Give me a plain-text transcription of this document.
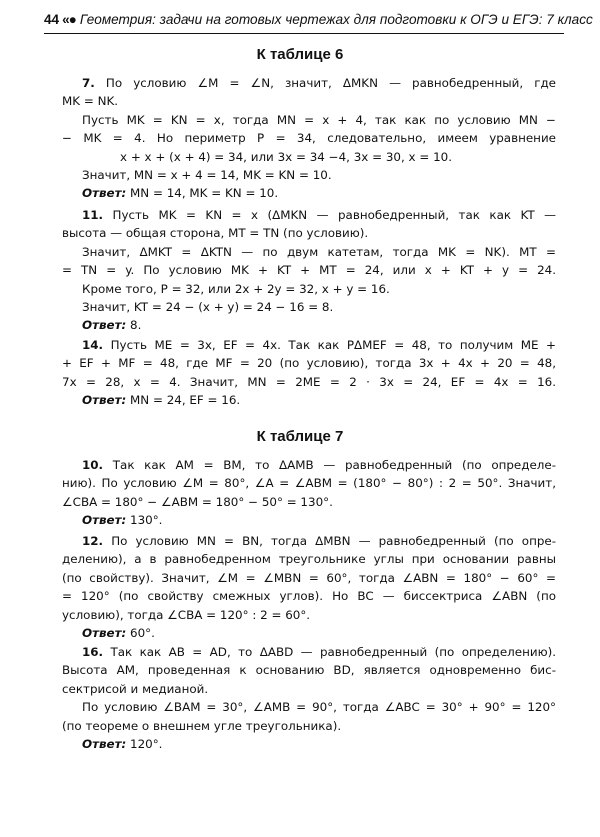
44 «● Геометрия: задачи на готовых чертежах для подготовки к ОГЭ и ЕГЭ: 7 класс
К таблице 6
7. По условию ∠M = ∠N, значит, ΔMKN — равнобедренный, где
MK = NK.
Пусть MK = KN = x, тогда MN = x + 4, так как по условию MN −
− MK = 4. Но периметр P = 34, следовательно, имеем уравнение
x + x + (x + 4) = 34, или 3x = 34 −4, 3x = 30, x = 10.
Значит, MN = x + 4 = 14, MK = KN = 10.
Ответ: MN = 14, MK = KN = 10.
11. Пусть MK = KN = x (ΔMKN — равнобедренный, так как KT —
высота — общая сторона, MT = TN (по условию).
Значит, ΔMKT = ΔKTN — по двум катетам, тогда MK = NK). MT =
= TN = y. По условию MK + KT + MT = 24, или x + KT + y = 24.
Кроме того, P = 32, или 2x + 2y = 32, x + y = 16.
Значит, KT = 24 − (x + y) = 24 − 16 = 8.
Ответ: 8.
14. Пусть ME = 3x, EF = 4x. Так как PΔMEF = 48, то получим ME +
+ EF + MF = 48, где MF = 20 (по условию), тогда 3x + 4x + 20 = 48,
7x = 28, x = 4. Значит, MN = 2ME = 2 · 3x = 24, EF = 4x = 16.
Ответ: MN = 24, EF = 16.
К таблице 7
10. Так как AM = BM, то ΔAMB — равнобедренный (по определе-
нию). По условию ∠M = 80°, ∠A = ∠ABM = (180° − 80°) : 2 = 50°. Значит,
∠CBA = 180° − ∠ABM = 180° − 50° = 130°.
Ответ: 130°.
12. По условию MN = BN, тогда ΔMBN — равнобедренный (по опре-
делению), а в равнобедренном треугольнике углы при основании равны
(по свойству). Значит, ∠M = ∠MBN = 60°, тогда ∠ABN = 180° − 60° =
= 120° (по свойству смежных углов). Но BC — биссектриса ∠ABN (по
условию), тогда ∠CBA = 120° : 2 = 60°.
Ответ: 60°.
16. Так как AB = AD, то ΔABD — равнобедренный (по определению).
Высота AM, проведенная к основанию BD, является одновременно бис-
сектрисой и медианой.
По условию ∠BAM = 30°, ∠AMB = 90°, тогда ∠ABC = 30° + 90° = 120°
(по теореме о внешнем угле треугольника).
Ответ: 120°.
